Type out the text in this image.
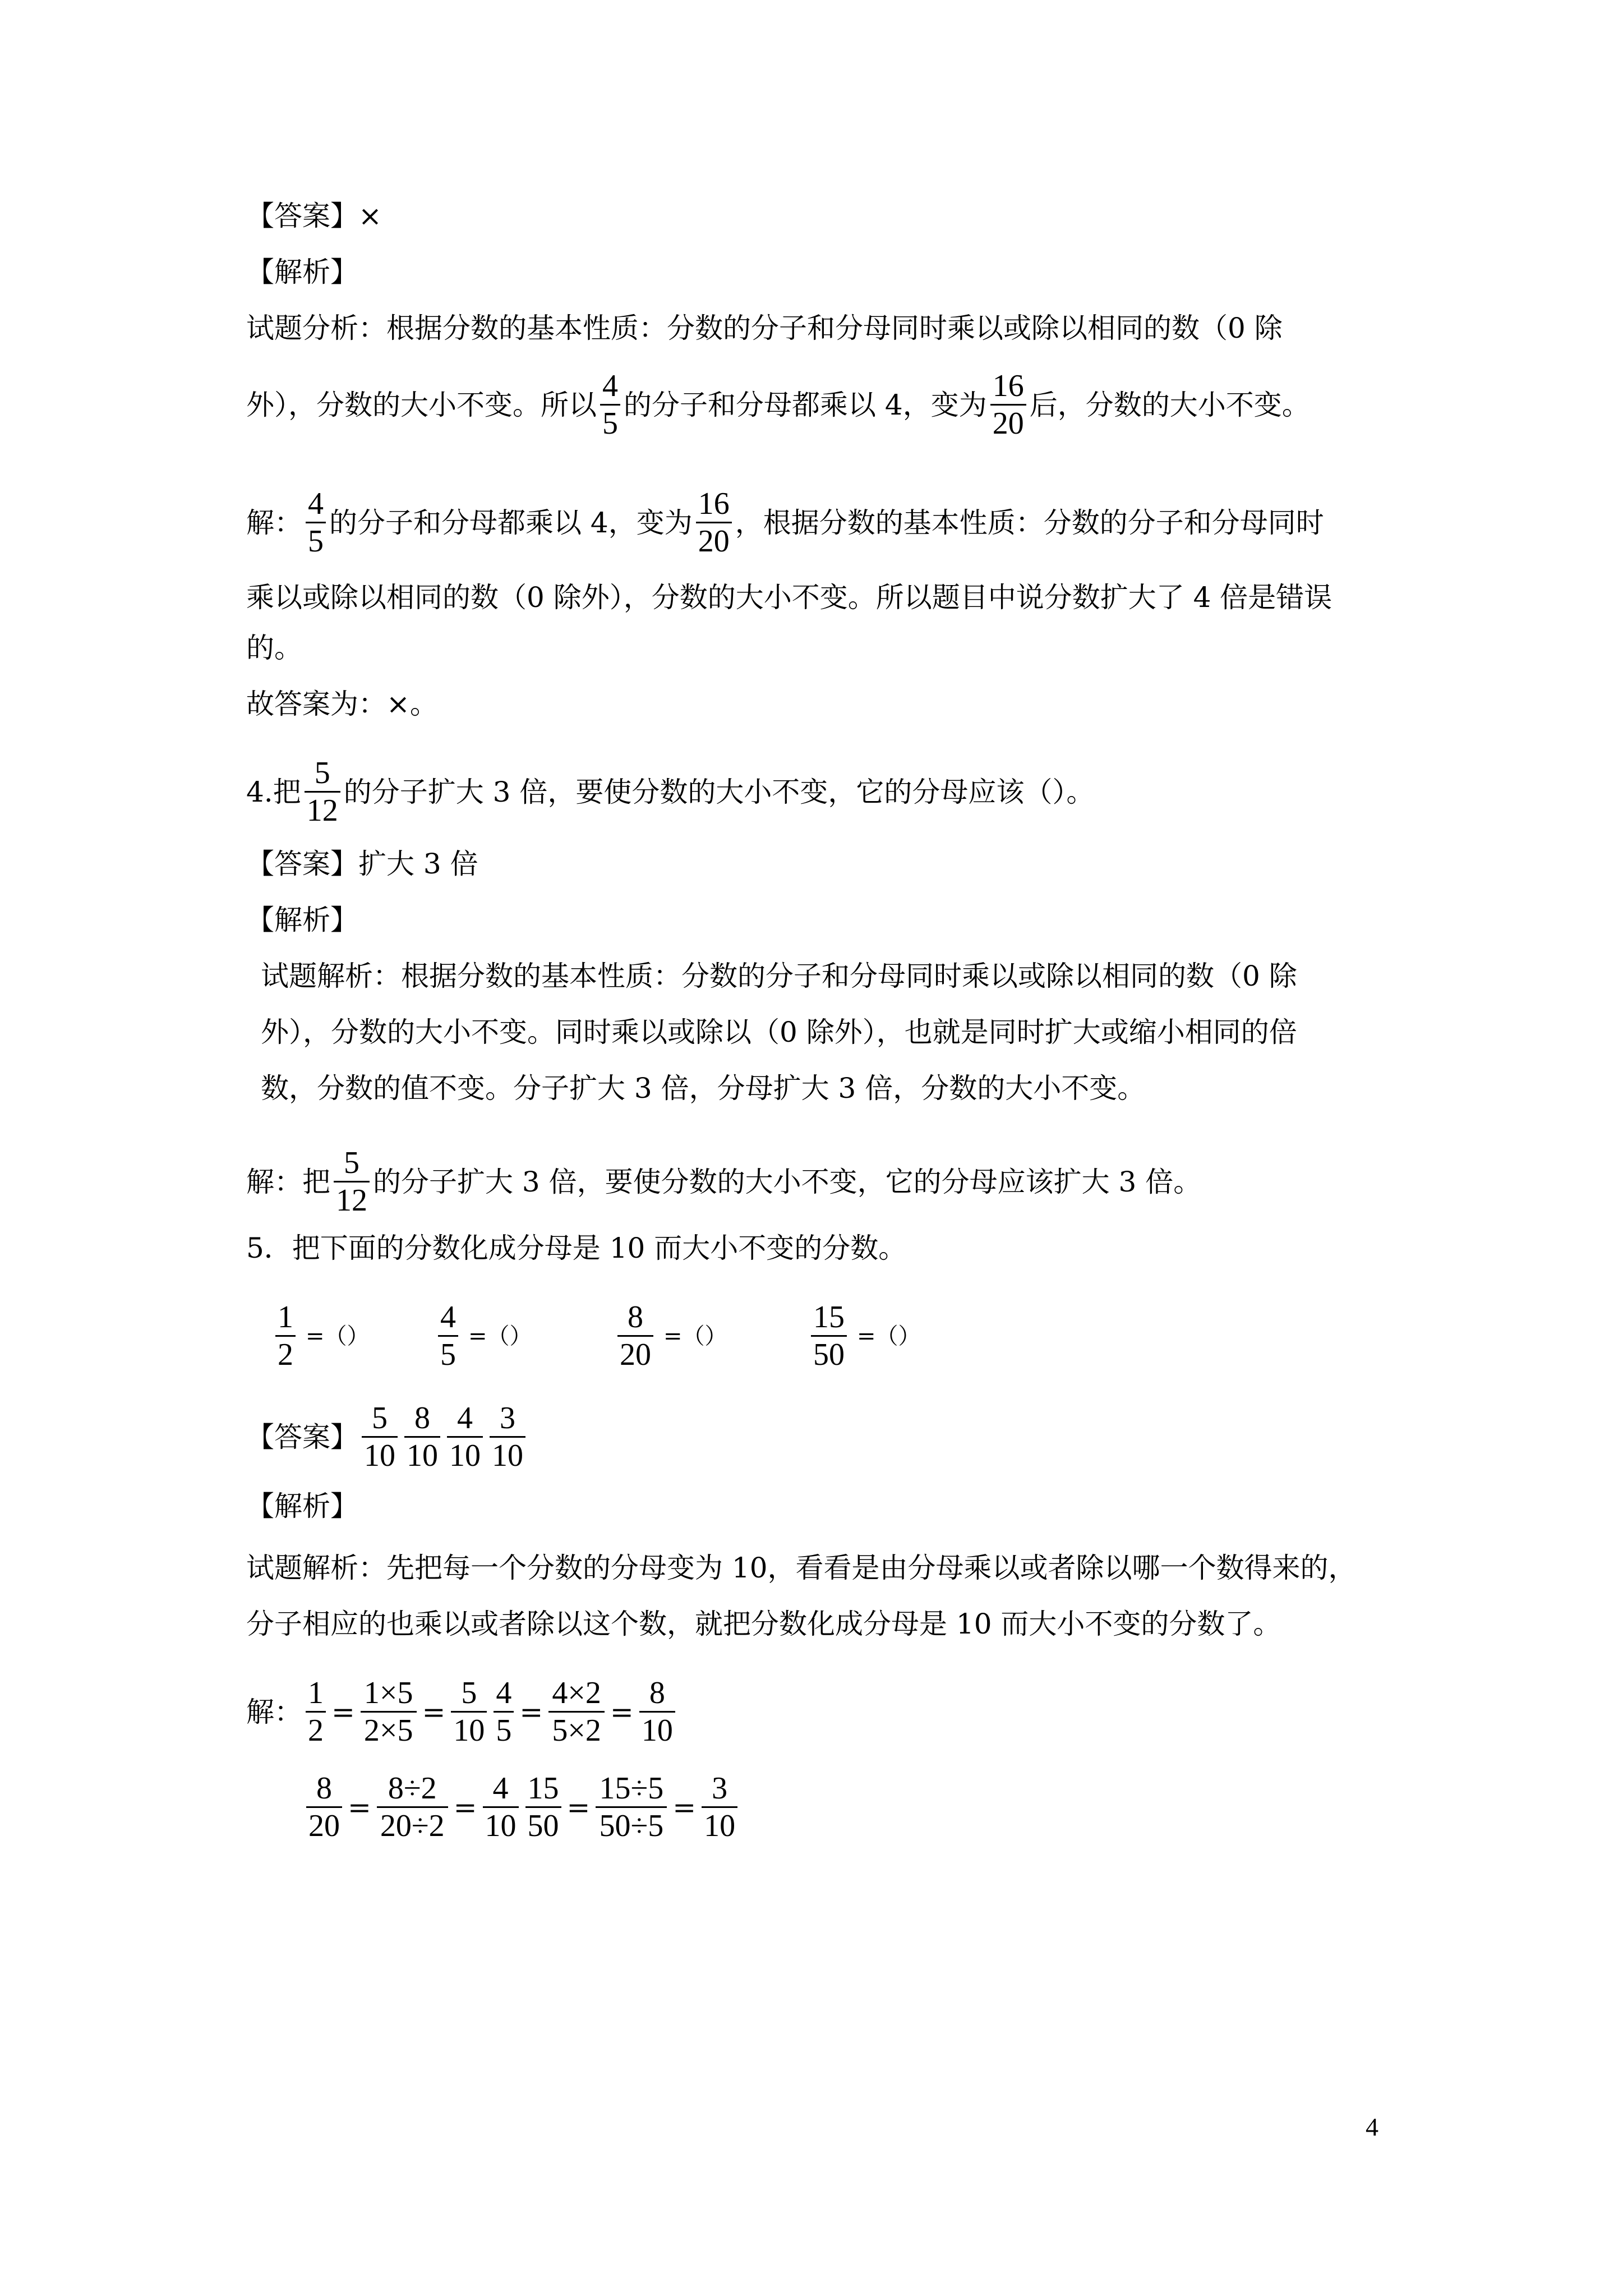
【答案】×
【解析】
试题分析：根据分数的基本性质：分数的分子和分母同时乘以或除以相同的数（0 除
外），分数的大小不变。所以 $\frac{4}{5}$ 的分子和分母都乘以 4，变为 $\frac{16}{20}$ 后，分数的大小不变。
解： $\frac{4}{5}$ 的分子和分母都乘以 4，变为 $\frac{16}{20}$ ，根据分数的基本性质：分数的分子和分母同时
乘以或除以相同的数（0 除外），分数的大小不变。所以题目中说分数扩大了 4 倍是错误
的。
故答案为：×。
4.把 $\frac{5}{12}$ 的分子扩大 3 倍，要使分数的大小不变，它的分母应该（）。
【答案】扩大 3 倍
【解析】
试题解析：根据分数的基本性质：分数的分子和分母同时乘以或除以相同的数（0 除
外），分数的大小不变。同时乘以或除以（0 除外），也就是同时扩大或缩小相同的倍
数，分数的值不变。分子扩大 3 倍，分母扩大 3 倍，分数的大小不变。
解：把 $\frac{5}{12}$ 的分子扩大 3 倍，要使分数的大小不变，它的分母应该扩大 3 倍。
5．把下面的分数化成分母是 10 而大小不变的分数。
$\frac{1}{2}$ =（） $\frac{4}{5}$ =（）	$\frac{8}{20}$ =（）	$\frac{15}{50}$ =（）
【答案】 $\frac{5}{10} \frac{8}{10} \frac{4}{10} \frac{3}{10}$
【解析】
试题解析：先把每一个分数的分母变为 10，看看是由分母乘以或者除以哪一个数得来的，
分子相应的也乘以或者除以这个数，就把分数化成分母是 10 而大小不变的分数了。
解： $\frac{1}{2} = \frac{1\times 5}{2\times 5} = \frac{5}{10} \frac{4}{5} = \frac{4\times 2}{5\times 2} = \frac{8}{10}$
$\frac{8}{20} = \frac{8\div 2}{20\div 2} = \frac{4}{10} \frac{15}{50} = \frac{15\div 5}{50\div 5} = \frac{3}{10}$
4
